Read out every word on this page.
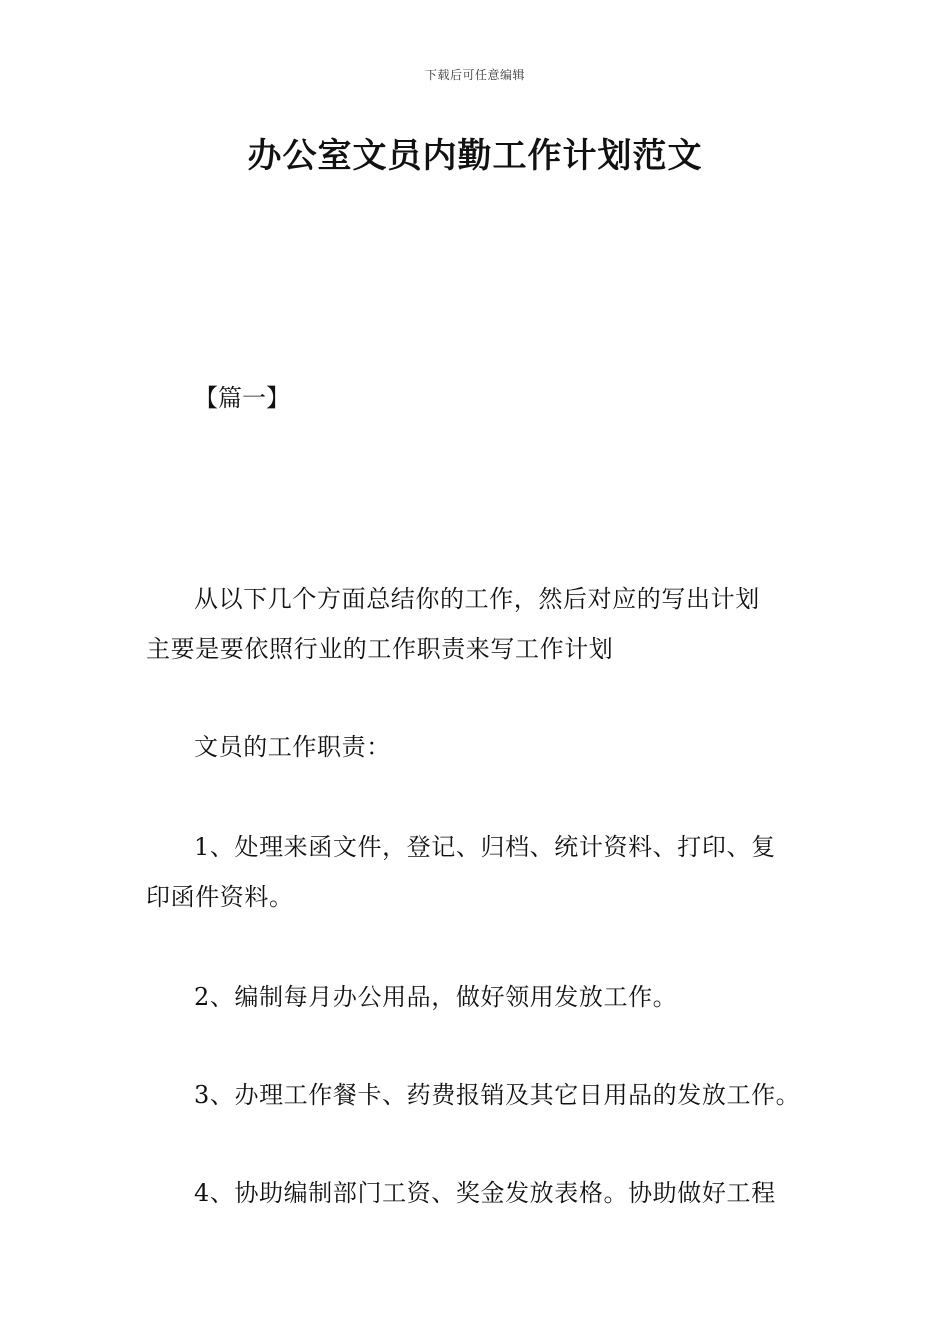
下载后可任意编辑
办公室文员内勤工作计划范文
【篇一】
从以下几个方面总结你的工作，然后对应的写出计划
主要是要依照行业的工作职责来写工作计划
文员的工作职责：
1、处理来函文件，登记、归档、统计资料、打印、复
印函件资料。
2、编制每月办公用品，做好领用发放工作。
3、办理工作餐卡、药费报销及其它日用品的发放工作。
4、协助编制部门工资、奖金发放表格。协助做好工程
